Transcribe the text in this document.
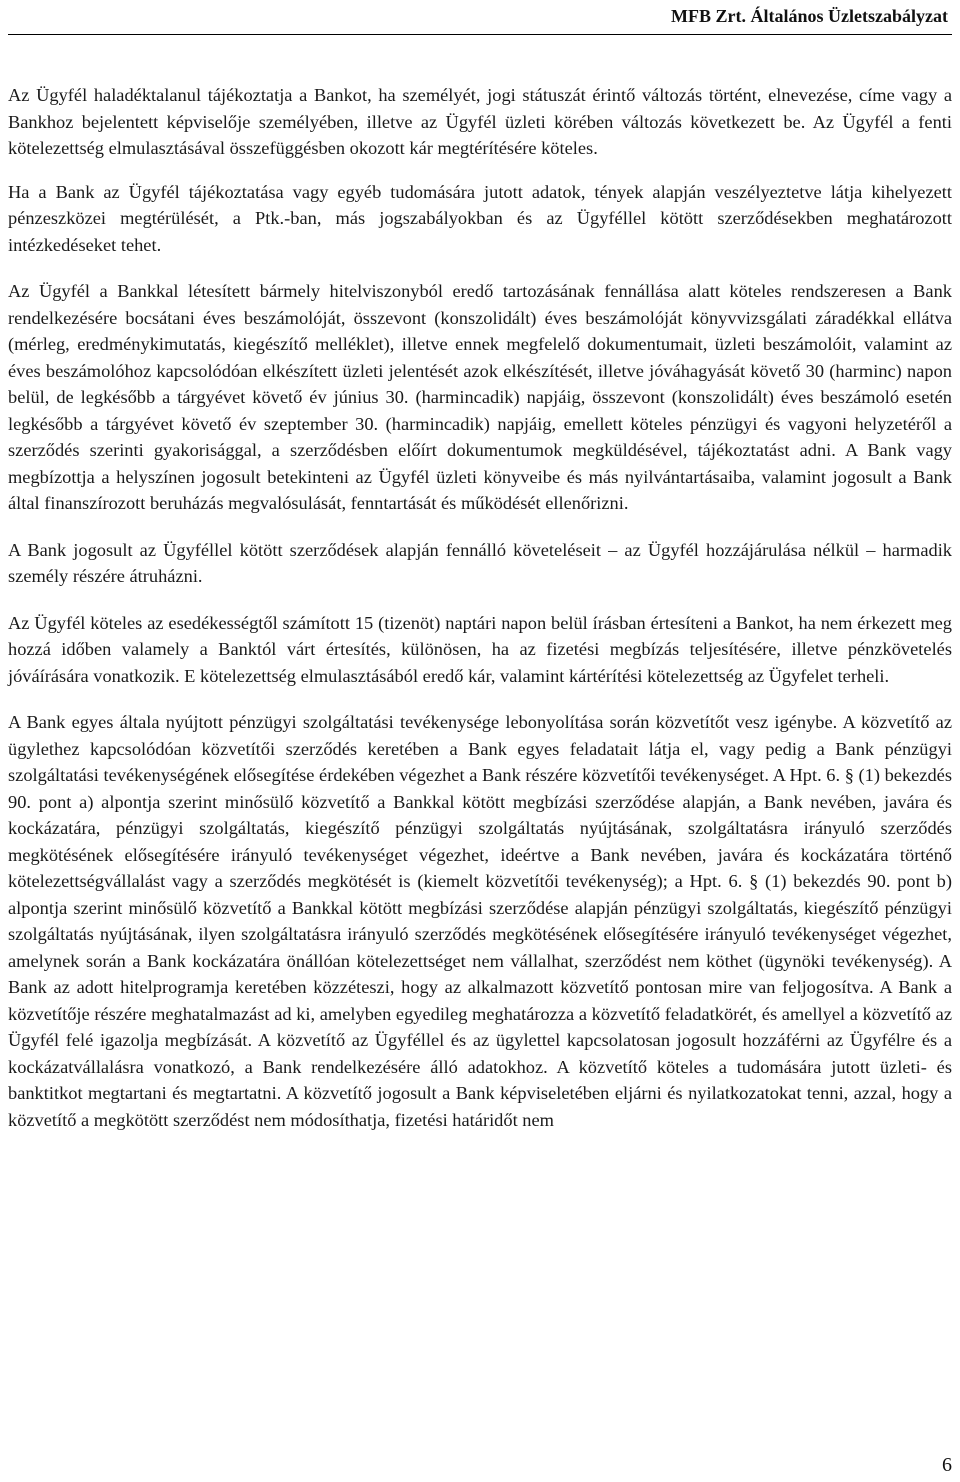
MFB Zrt. Általános Üzletszabályzat

Az Ügyfél haladéktalanul tájékoztatja a Bankot, ha személyét, jogi státuszát érintő változás történt, elnevezése, címe vagy a Bankhoz bejelentett képviselője személyében, illetve az Ügyfél üzleti körében változás következett be. Az Ügyfél a fenti kötelezettség elmulasztásával összefüggésben okozott kár megtérítésére köteles.

Ha a Bank az Ügyfél tájékoztatása vagy egyéb tudomására jutott adatok, tények alapján veszélyeztetve látja kihelyezett pénzeszközei megtérülését, a Ptk.-ban, más jogszabályokban és az Ügyféllel kötött szerződésekben meghatározott intézkedéseket tehet.

Az Ügyfél a Bankkal létesített bármely hitelviszonyból eredő tartozásának fennállása alatt köteles rendszeresen a Bank rendelkezésére bocsátani éves beszámolóját, összevont (konszolidált) éves beszámolóját könyvvizsgálati záradékkal ellátva (mérleg, eredménykimutatás, kiegészítő melléklet), illetve ennek megfelelő dokumentumait, üzleti beszámolóit, valamint az éves beszámolóhoz kapcsolódóan elkészített üzleti jelentését azok elkészítését, illetve jóváhagyását követő 30 (harminc) napon belül, de legkésőbb a tárgyévet követő év június 30. (harmincadik) napjáig, összevont (konszolidált) éves beszámoló esetén legkésőbb a tárgyévet követő év szeptember 30. (harmincadik) napjáig, emellett köteles pénzügyi és vagyoni helyzetéről a szerződés szerinti gyakorisággal, a szerződésben előírt dokumentumok megküldésével, tájékoztatást adni. A Bank vagy megbízottja a helyszínen jogosult betekinteni az Ügyfél üzleti könyveibe és más nyilvántartásaiba, valamint jogosult a Bank által finanszírozott beruházás megvalósulását, fenntartását és működését ellenőrizni.

A Bank jogosult az Ügyféllel kötött szerződések alapján fennálló követeléseit – az Ügyfél hozzájárulása nélkül – harmadik személy részére átruházni.

Az Ügyfél köteles az esedékességtől számított 15 (tizenöt) naptári napon belül írásban értesíteni a Bankot, ha nem érkezett meg hozzá időben valamely a Banktól várt értesítés, különösen, ha az fizetési megbízás teljesítésére, illetve pénzkövetelés jóváírására vonatkozik. E kötelezettség elmulasztásából eredő kár, valamint kártérítési kötelezettség az Ügyfelet terheli.

A Bank egyes általa nyújtott pénzügyi szolgáltatási tevékenysége lebonyolítása során közvetítőt vesz igénybe. A közvetítő az ügylethez kapcsolódóan közvetítői szerződés keretében a Bank egyes feladatait látja el, vagy pedig a Bank pénzügyi szolgáltatási tevékenységének elősegítése érdekében végezhet a Bank részére közvetítői tevékenységet. A Hpt. 6. § (1) bekezdés 90. pont a) alpontja szerint minősülő közvetítő a Bankkal kötött megbízási szerződése alapján, a Bank nevében, javára és kockázatára, pénzügyi szolgáltatás, kiegészítő pénzügyi szolgáltatás nyújtásának, szolgáltatásra irányuló szerződés megkötésének elősegítésére irányuló tevékenységet végezhet, ideértve a Bank nevében, javára és kockázatára történő kötelezettségvállalást vagy a szerződés megkötését is (kiemelt közvetítői tevékenység); a Hpt. 6. § (1) bekezdés 90. pont b) alpontja szerint minősülő közvetítő a Bankkal kötött megbízási szerződése alapján pénzügyi szolgáltatás, kiegészítő pénzügyi szolgáltatás nyújtásának, ilyen szolgáltatásra irányuló szerződés megkötésének elősegítésére irányuló tevékenységet végezhet, amelynek során a Bank kockázatára önállóan kötelezettséget nem vállalhat, szerződést nem köthet (ügynöki tevékenység). A Bank az adott hitelprogramja keretében közzéteszi, hogy az alkalmazott közvetítő pontosan mire van feljogosítva. A Bank a közvetítője részére meghatalmazást ad ki, amelyben egyedileg meghatározza a közvetítő feladatkörét, és amellyel a közvetítő az Ügyfél felé igazolja megbízását. A közvetítő az Ügyféllel és az ügylettel kapcsolatosan jogosult hozzáférni az Ügyfélre és a kockázatvállalásra vonatkozó, a Bank rendelkezésére álló adatokhoz. A közvetítő köteles a tudomására jutott üzleti- és banktitkot megtartani és megtartatni. A közvetítő jogosult a Bank képviseletében eljárni és nyilatkozatokat tenni, azzal, hogy a közvetítő a megkötött szerződést nem módosíthatja, fizetési határidőt nem

6
